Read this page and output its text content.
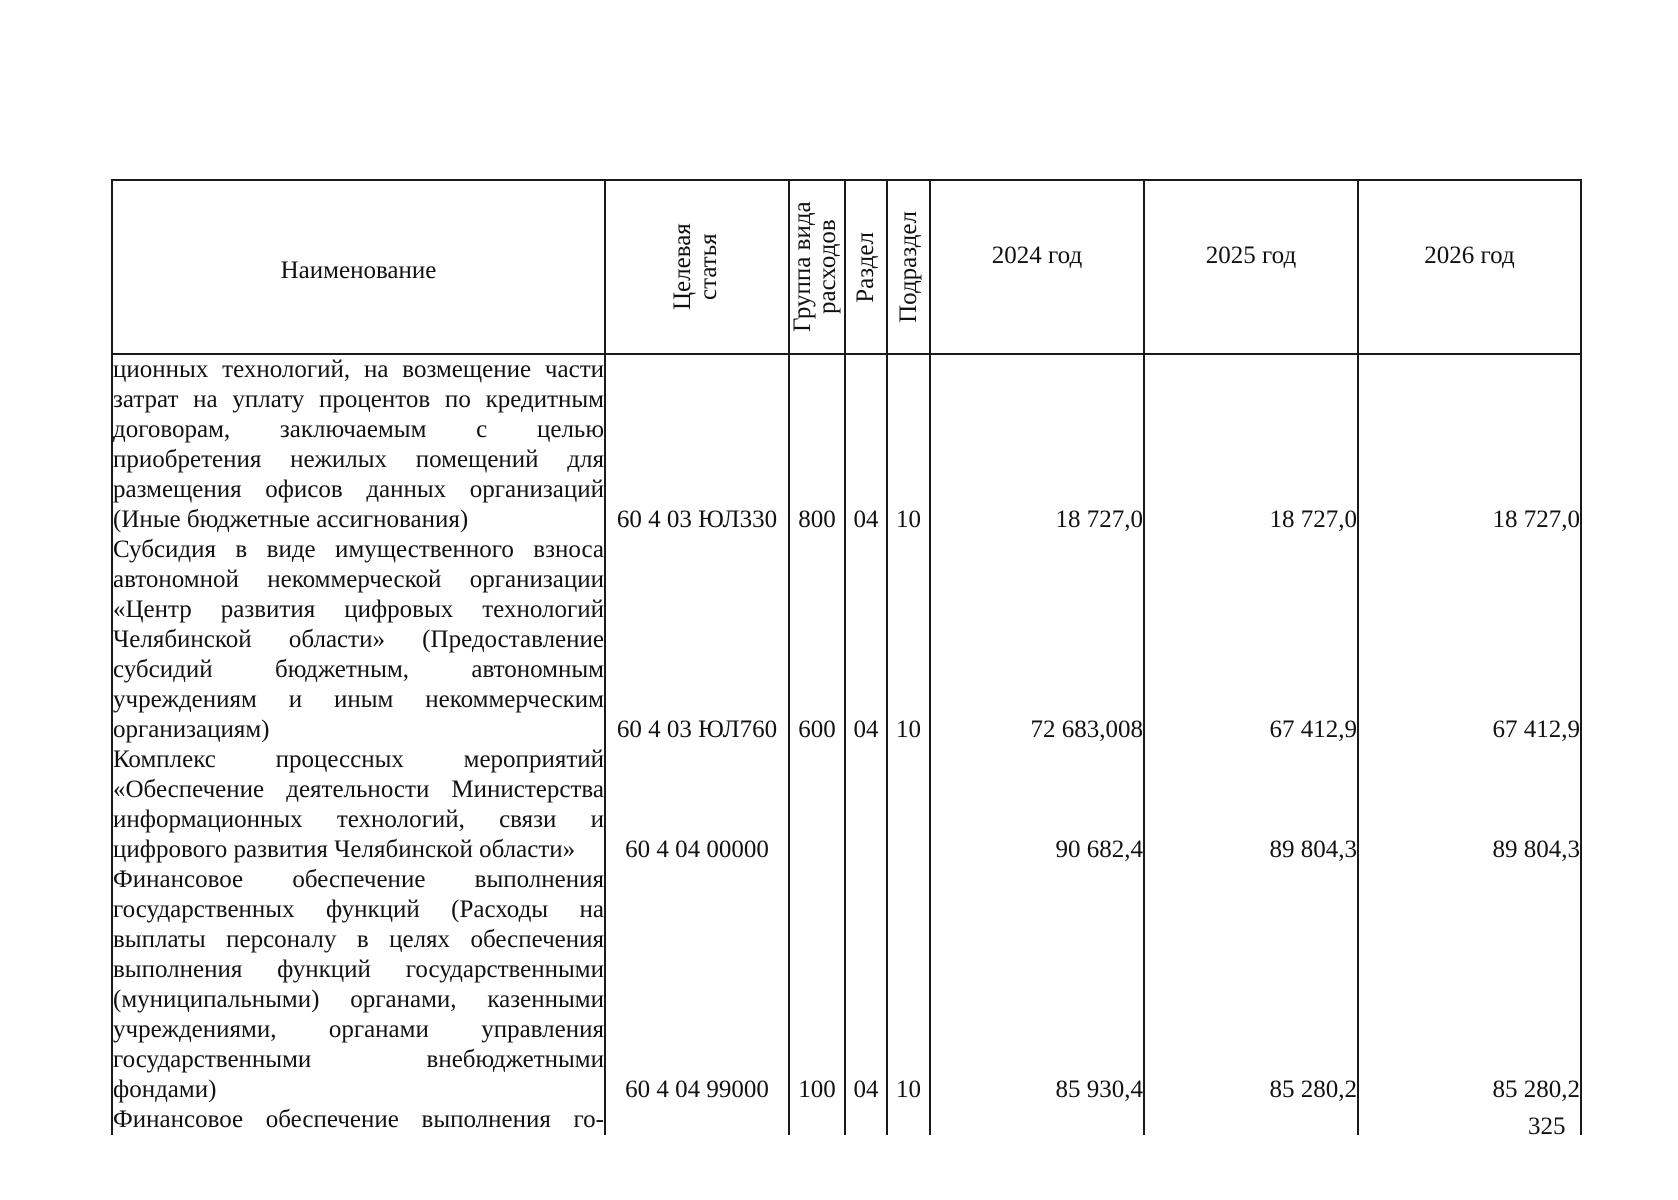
Наименование	Целевая статья	Группа вида расходов	Раздел	Подраздел	2024 год	2025 год	2026 год
ционных технологий, на возмещение части затрат на уплату процентов по кредитным договорам, заключаемым с целью приобретения нежилых помещений для размещения офисов данных организаций (Иные бюджетные ассигнования)	60 4 03 ЮЛ330	800	04	10	18 727,0	18 727,0	18 727,0
Субсидия в виде имущественного взноса автономной некоммерческой организации «Центр развития цифровых технологий Челябинской области» (Предоставление субсидий бюджетным, автономным учреждениям и иным некоммерческим организациям)	60 4 03 ЮЛ760	600	04	10	72 683,008	67 412,9	67 412,9
Комплекс процессных мероприятий «Обеспечение деятельности Министерства информационных технологий, связи и цифрового развития Челябинской области»	60 4 04 00000				90 682,4	89 804,3	89 804,3
Финансовое обеспечение выполнения государственных функций (Расходы на выплаты персоналу в целях обеспечения выполнения функций государственными (муниципальными) органами, казенными учреждениями, органами управления государственными внебюджетными фондами)	60 4 04 99000	100	04	10	85 930,4	85 280,2	85 280,2
Финансовое обеспечение выполнения го-								325
